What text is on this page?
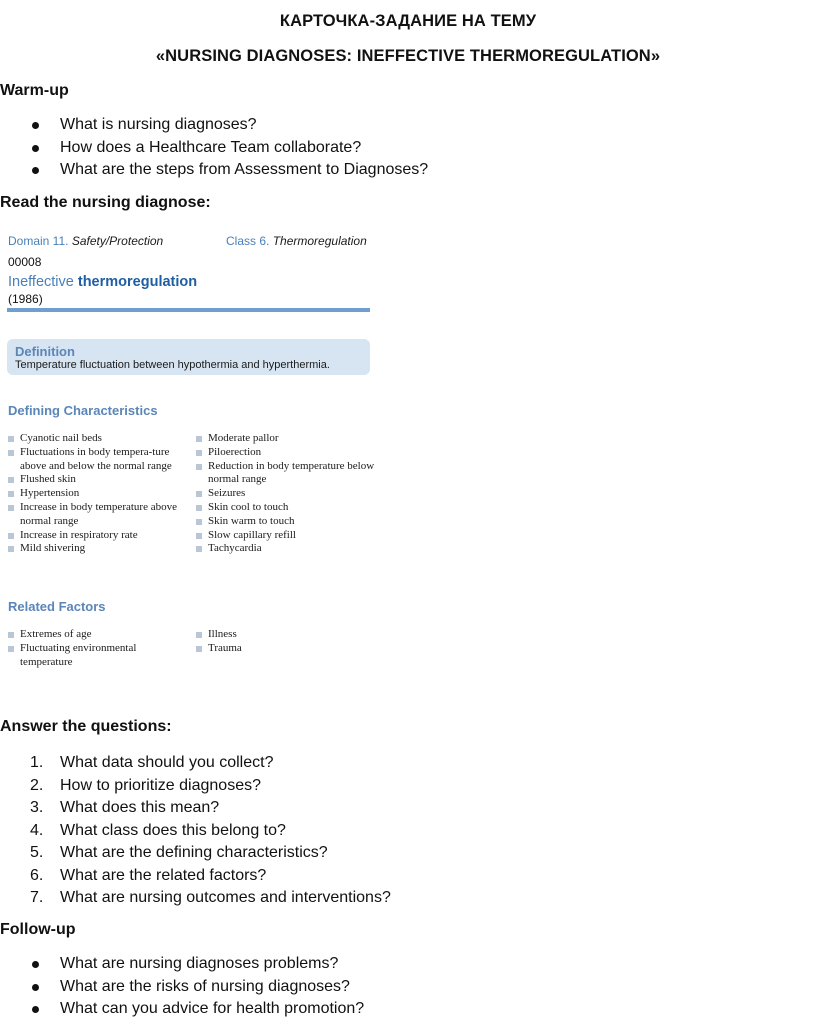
КАРТОЧКА-ЗАДАНИЕ НА ТЕМУ
«NURSING DIAGNOSES: INEFFECTIVE THERMOREGULATION»
Warm-up
What is nursing diagnoses?
How does a Healthcare Team collaborate?
What are the steps from Assessment to Diagnoses?
Read the nursing diagnose:
Domain 11. Safety/Protection	Class 6. Thermoregulation
00008
Ineffective thermoregulation
(1986)
Definition
Temperature fluctuation between hypothermia and hyperthermia.
Defining Characteristics
Cyanotic nail beds
Fluctuations in body tempera-ture above and below the normal range
Flushed skin
Hypertension
Increase in body temperature above normal range
Increase in respiratory rate
Mild shivering
Moderate pallor
Piloerection
Reduction in body temperature below normal range
Seizures
Skin cool to touch
Skin warm to touch
Slow capillary refill
Tachycardia
Related Factors
Extremes of age
Fluctuating environmental temperature
Illness
Trauma
Answer the questions:
1. What data should you collect?
2. How to prioritize diagnoses?
3. What does this mean?
4. What class does this belong to?
5. What are the defining characteristics?
6. What are the related factors?
7. What are nursing outcomes and interventions?
Follow-up
What are nursing diagnoses problems?
What are the risks of nursing diagnoses?
What can you advice for health promotion?
